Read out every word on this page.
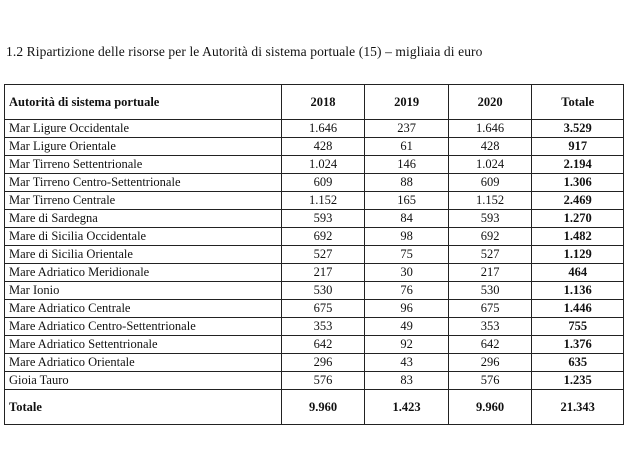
1.2 Ripartizione delle risorse per le Autorità di sistema portuale (15) – migliaia di euro
Autorità di sistema portuale	2018	2019	2020	Totale
Mar Ligure Occidentale	1.646	237	1.646	3.529
Mar Ligure Orientale	428	61	428	917
Mar Tirreno Settentrionale	1.024	146	1.024	2.194
Mar Tirreno Centro-Settentrionale	609	88	609	1.306
Mar Tirreno Centrale	1.152	165	1.152	2.469
Mare di Sardegna	593	84	593	1.270
Mare di Sicilia Occidentale	692	98	692	1.482
Mare di Sicilia Orientale	527	75	527	1.129
Mare Adriatico Meridionale	217	30	217	464
Mar Ionio	530	76	530	1.136
Mare Adriatico Centrale	675	96	675	1.446
Mare Adriatico Centro-Settentrionale	353	49	353	755
Mare Adriatico Settentrionale	642	92	642	1.376
Mare Adriatico Orientale	296	43	296	635
Gioia Tauro	576	83	576	1.235
Totale	9.960	1.423	9.960	21.343
